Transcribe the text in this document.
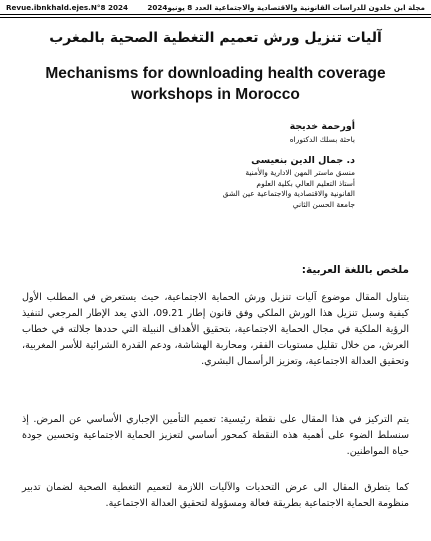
Revue.ibnkhald.ejes.N°8 2024	مجلة ابن خلدون للدراسات القانونية والاقتصادية والاجتماعية العدد 8 يونيو2024
آليات تنزيل ورش تعميم التغطية الصحية بالمغرب
Mechanisms for downloading health coverage workshops in Morocco
أورحمة خديجة
باحثة بسلك الدكتوراه
د. جمال الدين بنعيسى
منسق ماستر المهن الادارية والأمنية
أستاذ التعليم العالي بكلية العلوم
القانونية والاقتصادية والاجتماعية عين الشق
جامعة الحسن الثاني
ملخص باللغة العربية:
يتناول المقال موضوع آليات تنزيل ورش الحماية الاجتماعية، حيث يستعرض في المطلب الأول كيفية وسبل تنزيل هذا الورش الملكي وفق قانون إطار 09.21، الذي يعد الإطار المرجعي لتنفيذ الرؤية الملكية في مجال الحماية الاجتماعية، بتحقيق الأهداف النبيلة التي حددها جلالته في خطاب العرش، من خلال تقليل مستويات الفقر، ومحاربة الهشاشة، ودعم القدرة الشرائية للأسر المغربية، وتحقيق العدالة الاجتماعية، وتعزيز الرأسمال البشري.
يتم التركيز في هذا المقال على نقطة رئيسية: تعميم التأمين الإجباري الأساسي عن المرض. إذ سنسلط الضوء على أهمية هذه النقطة كمحور أساسي لتعزيز الحماية الاجتماعية وتحسين جودة حياة المواطنين.
كما يتطرق المقال الى عرض التحديات والآليات اللازمة لتعميم التغطية الصحية لضمان تدبير منظومة الحماية الاجتماعية بطريقة فعالة ومسؤولة لتحقيق العدالة الاجتماعية.
